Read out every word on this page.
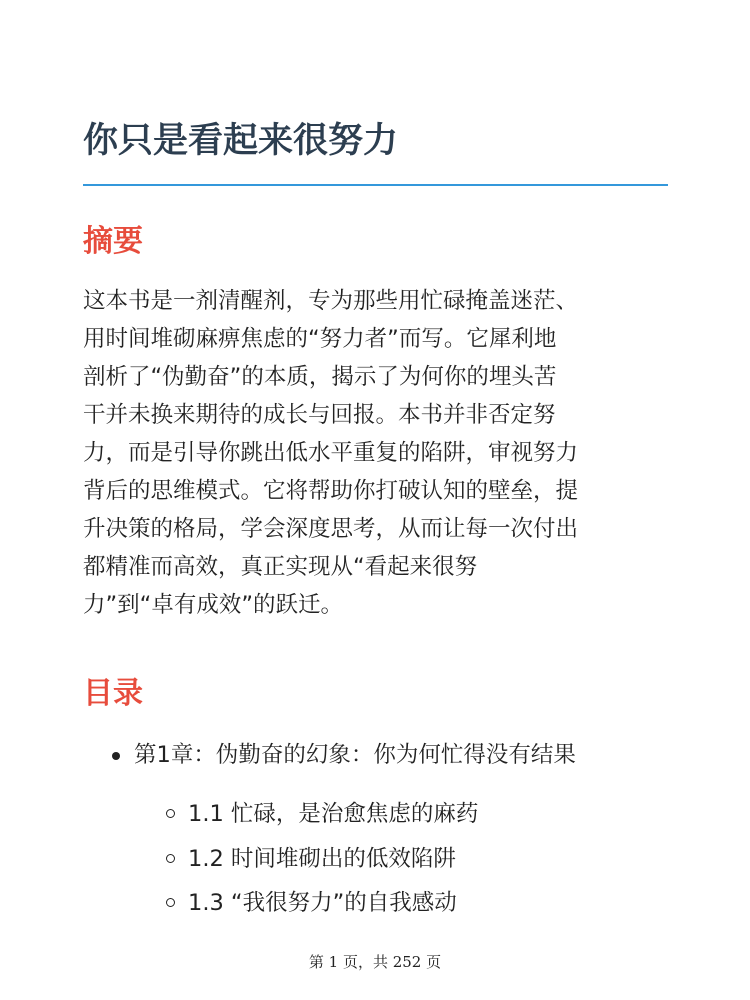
你只是看起来很努力
摘要
这本书是一剂清醒剂，专为那些用忙碌掩盖迷茫、
用时间堆砌麻痹焦虑的“努力者”而写。它犀利地
剖析了“伪勤奋”的本质，揭示了为何你的埋头苦
干并未换来期待的成长与回报。本书并非否定努
力，而是引导你跳出低水平重复的陷阱，审视努力
背后的思维模式。它将帮助你打破认知的壁垒，提
升决策的格局，学会深度思考，从而让每一次付出
都精准而高效，真正实现从“看起来很努
力”到“卓有成效”的跃迁。
目录
第1章：伪勤奋的幻象：你为何忙得没有结果
1.1 忙碌，是治愈焦虑的麻药
1.2 时间堆砌出的低效陷阱
1.3 “我很努力”的自我感动
第 1 页，共 252 页
